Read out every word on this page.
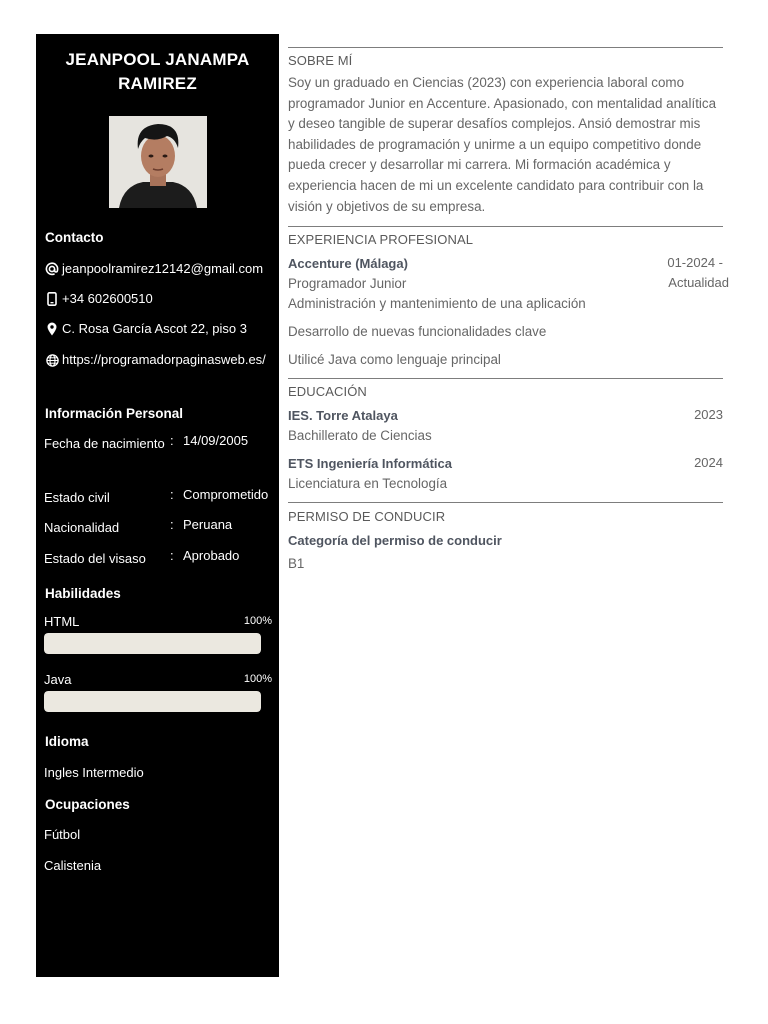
JEANPOOL JANAMPA RAMIREZ
Contacto
jeanpoolramirez12142@gmail.com
+34 602600510
C. Rosa García Ascot 22, piso 3
https://programadorpaginasweb.es/
Información Personal
Fecha de nacimiento : 14/09/2005
Estado civil	: Comprometido
Nacionalidad	: Peruana
Estado del visaso	: Aprobado
Habilidades
HTML	100%
Java	100%
Idioma
Ingles Intermedio
Ocupaciones
Fútbol
Calistenia
SOBRE MÍ
Soy un graduado en Ciencias (2023) con experiencia laboral como programador Junior en Accenture. Apasionado, con mentalidad analítica y deseo tangible de superar desafíos complejos. Ansió demostrar mis habilidades de programación y unirme a un equipo competitivo donde pueda crecer y desarrollar mi carrera. Mi formación académica y experiencia hacen de mi un excelente candidato para contribuir con la visión y objetivos de su empresa.
EXPERIENCIA PROFESIONAL
Accenture (Málaga)	01-2024 -
Actualidad
Programador Junior
Administración y mantenimiento de una aplicación
Desarrollo de nuevas funcionalidades clave
Utilicé Java como lenguaje principal
EDUCACIÓN
IES. Torre Atalaya	2023
Bachillerato de Ciencias
ETS Ingeniería Informática	2024
Licenciatura en Tecnología
PERMISO DE CONDUCIR
Categoría del permiso de conducir
B1
